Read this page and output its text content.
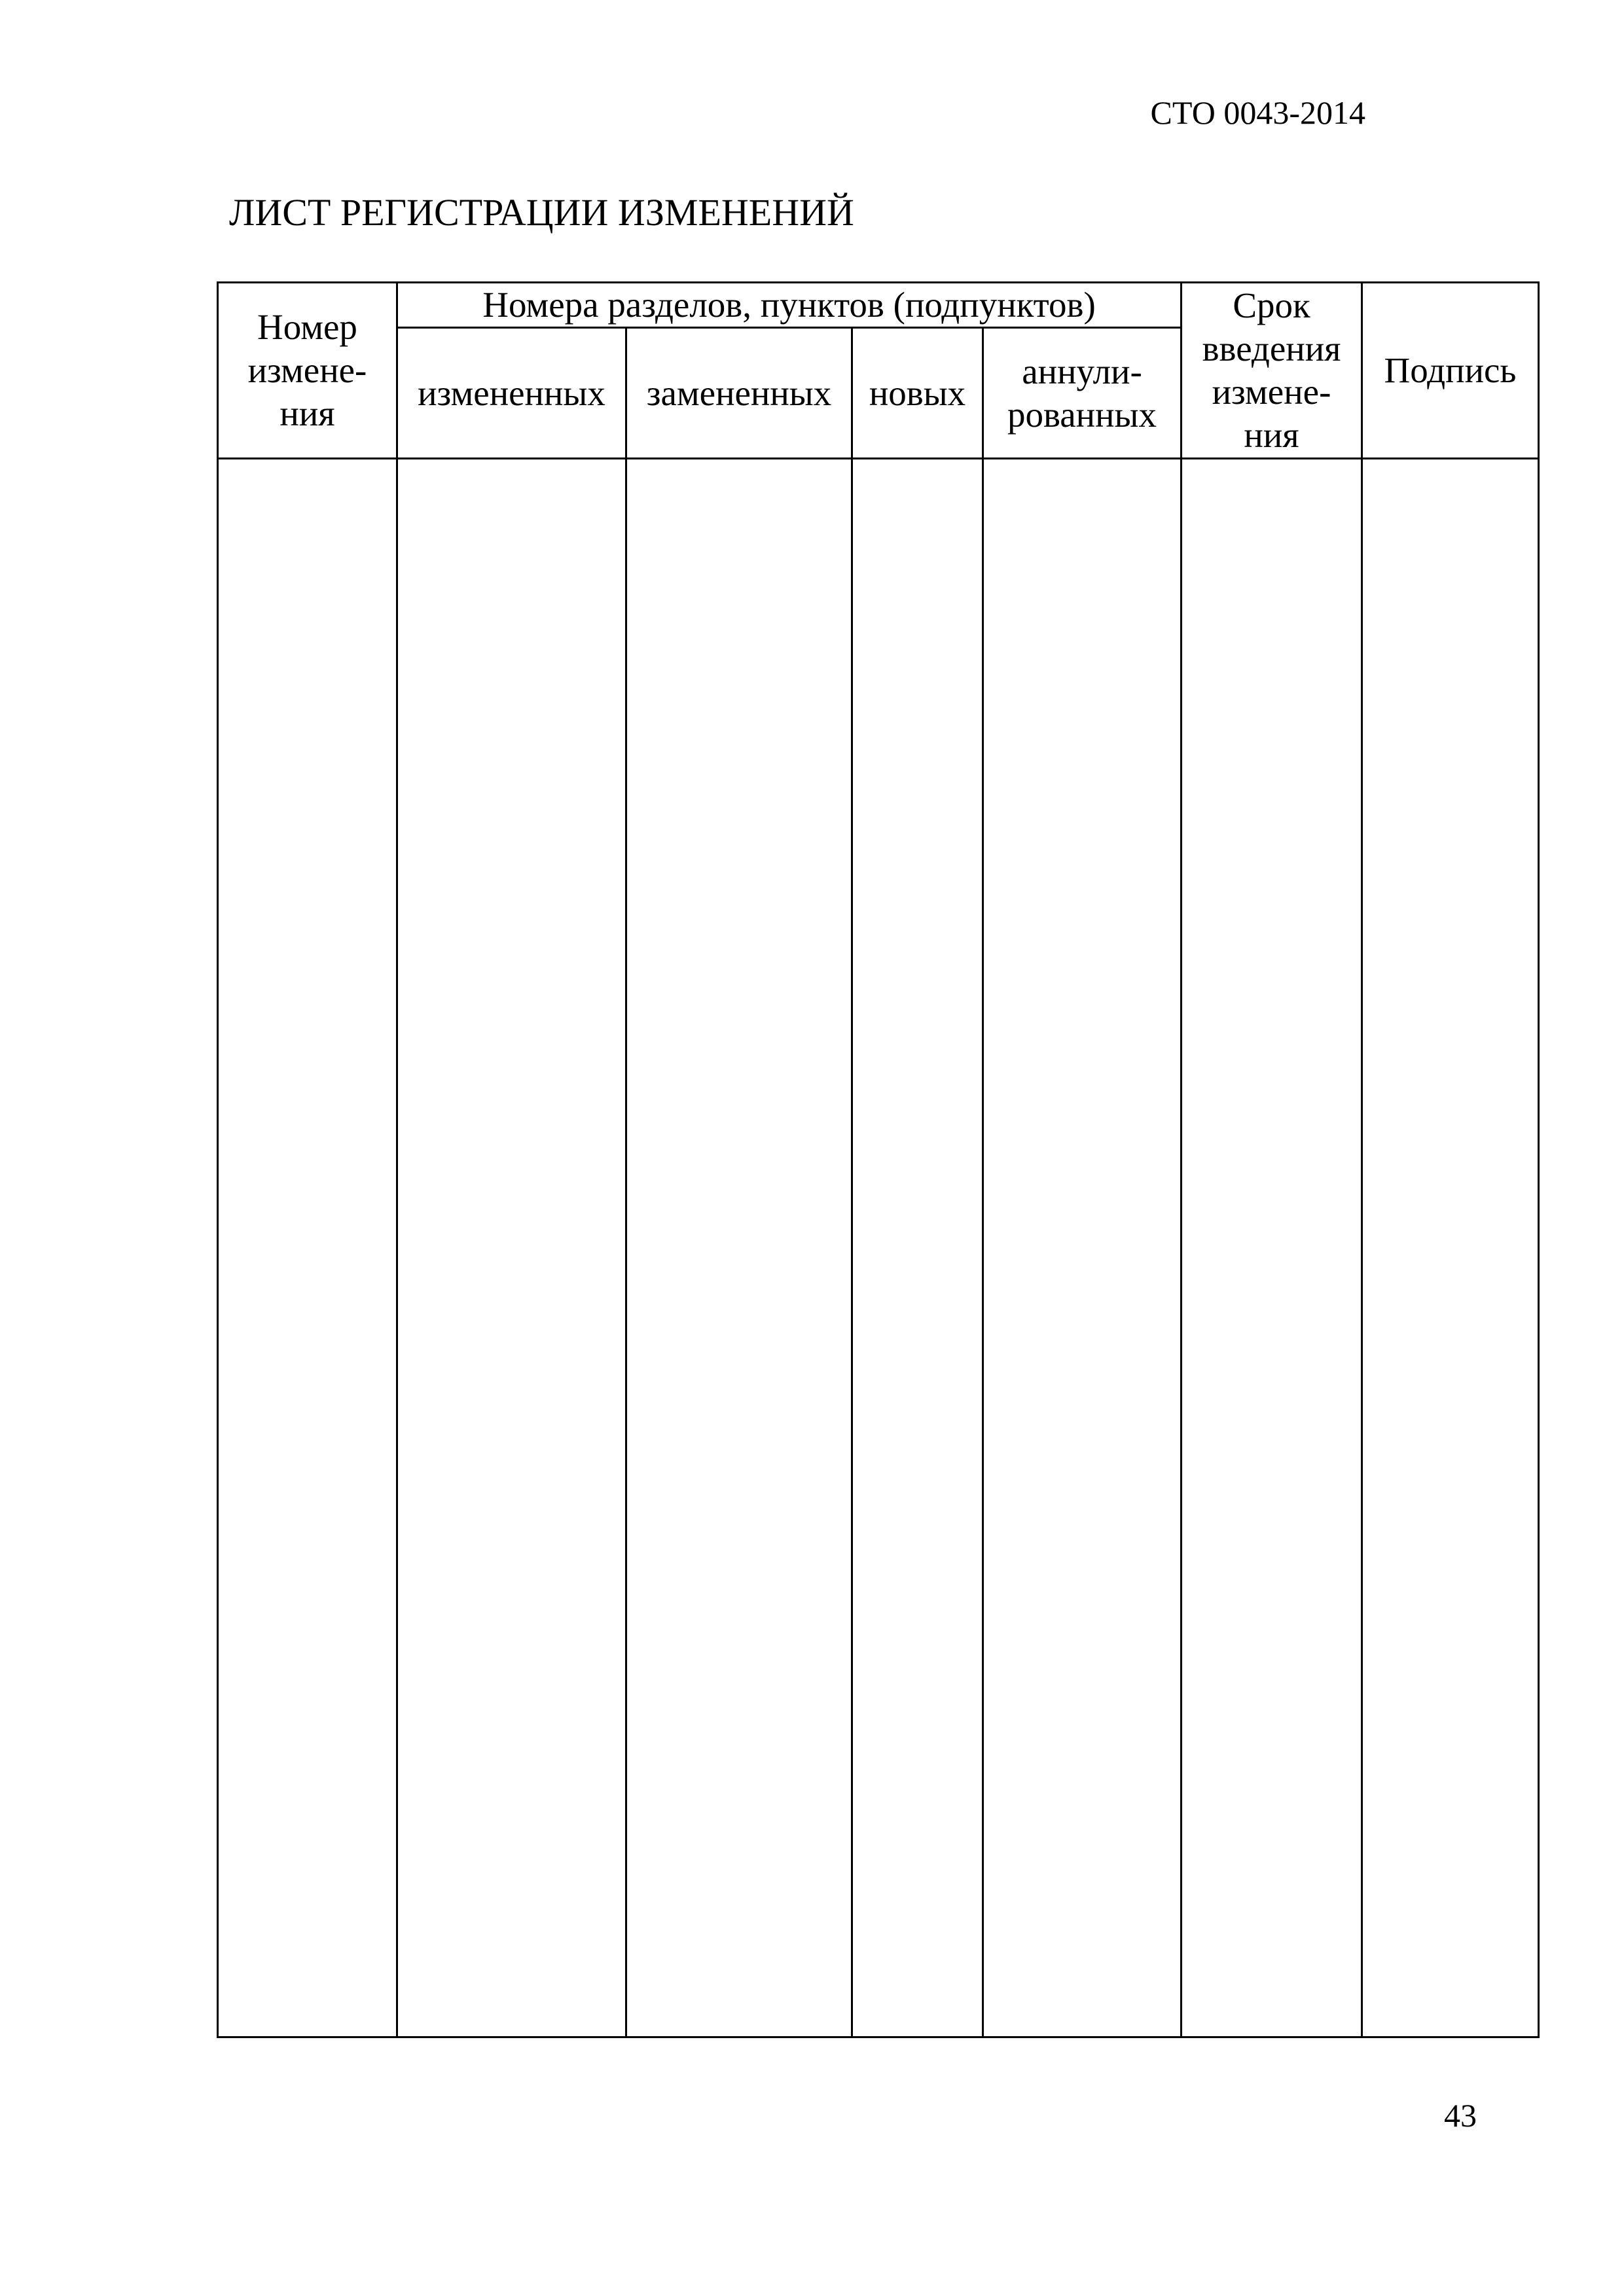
СТО 0043-2014
ЛИСТ РЕГИСТРАЦИИ ИЗМЕНЕНИЙ
Номер
измене-
ния	Номера разделов, пунктов (подпунктов)				Срок
введения
измене-
ния	Подпись
	измененных	замененных	новых	аннули-
рованных		

43
